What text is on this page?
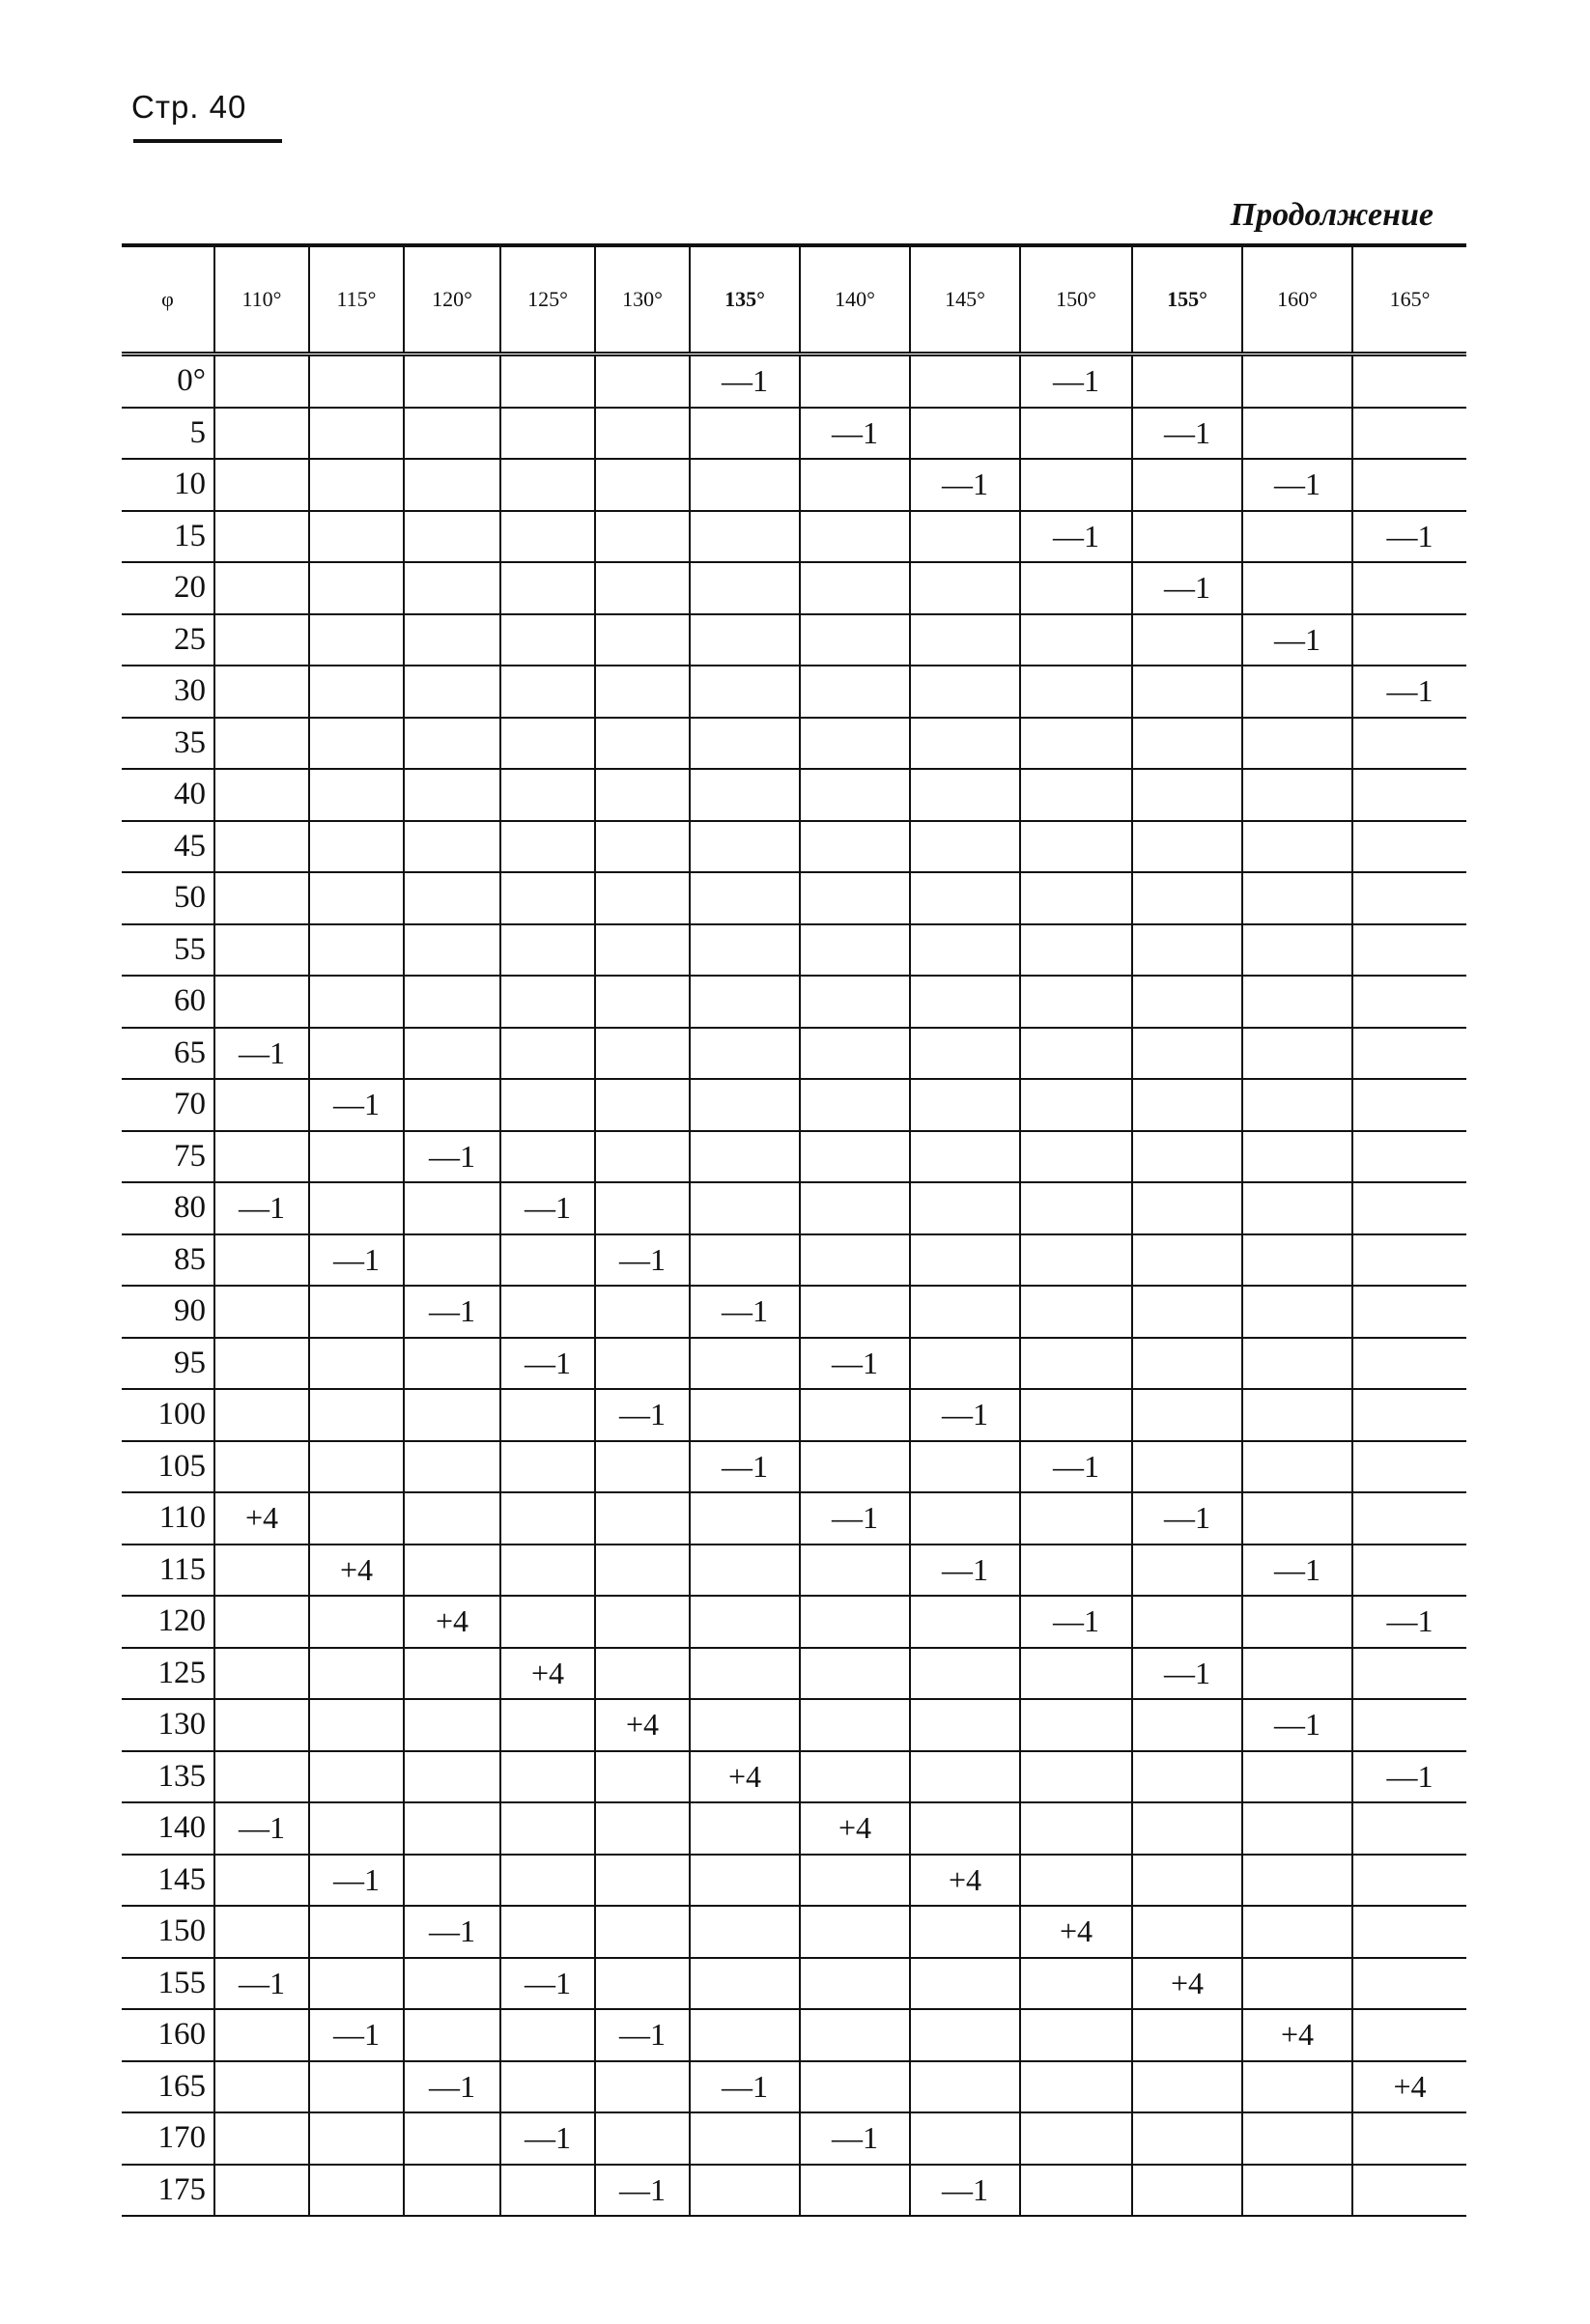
Стр. 40
Продолжение
φ	110°	115°	120°	125°	130°	135°	140°	145°	150°	155°	160°	165°
0°						—1			—1			
5							—1			—1		
10								—1			—1	
15									—1			—1
20										—1		
25											—1	
30												—1
35												
40												
45												
50												
55												
60												
65	—1											
70		—1										
75			—1									
80	—1			—1								
85		—1			—1							
90			—1			—1						
95				—1			—1					
100					—1			—1				
105						—1			—1			
110	+4						—1			—1		
115		+4						—1			—1	
120			+4						—1			—1
125				+4						—1		
130					+4						—1	
135						+4						—1
140	—1						+4					
145		—1						+4				
150			—1						+4			
155	—1			—1						+4		
160		—1			—1						+4	
165			—1			—1						+4
170				—1			—1					
175					—1			—1				
